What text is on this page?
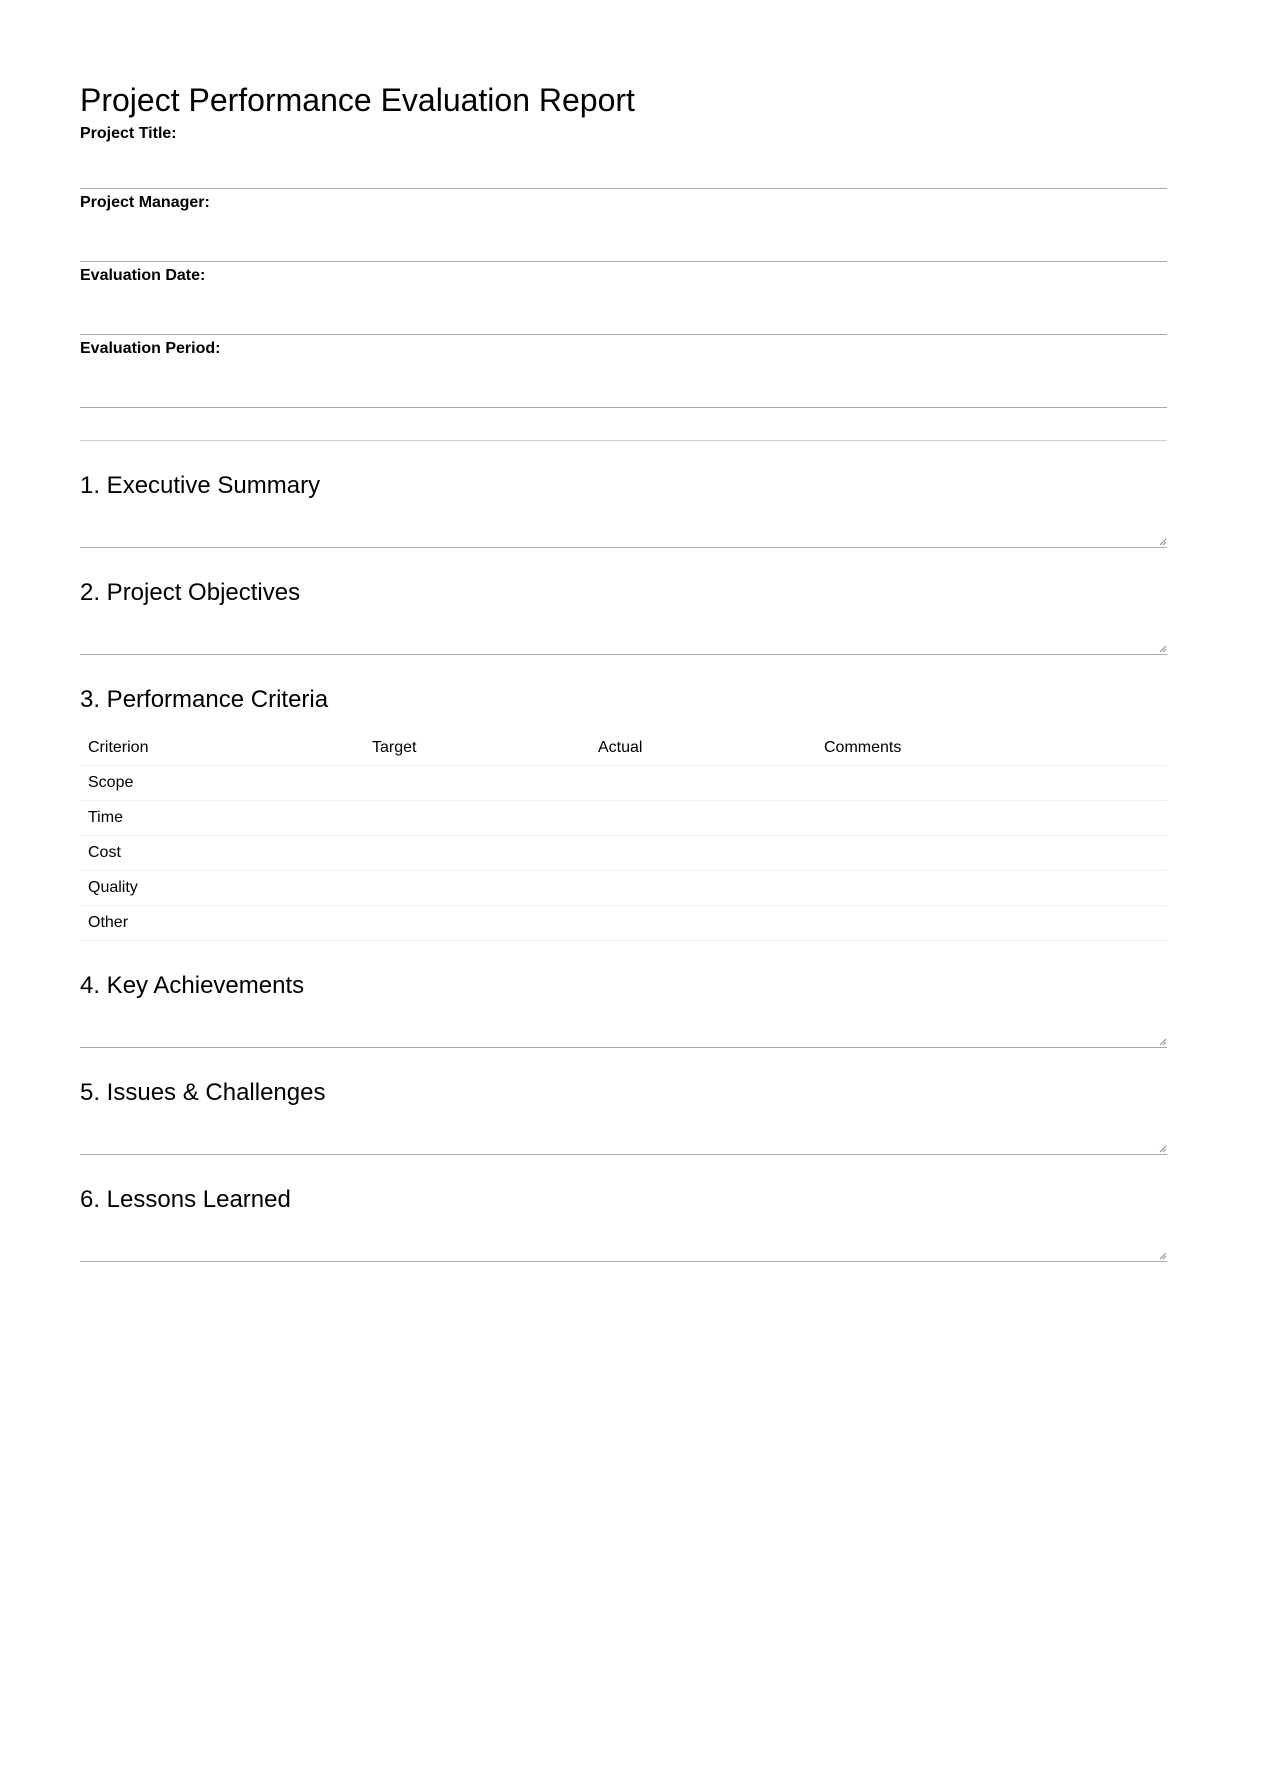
Project Performance Evaluation Report
Project Title:
Project Manager:
Evaluation Date:
Evaluation Period:
1. Executive Summary
2. Project Objectives
3. Performance Criteria
Criterion	Target	Actual	Comments
Scope			
Time			
Cost			
Quality			
Other			
4. Key Achievements
5. Issues & Challenges
6. Lessons Learned
